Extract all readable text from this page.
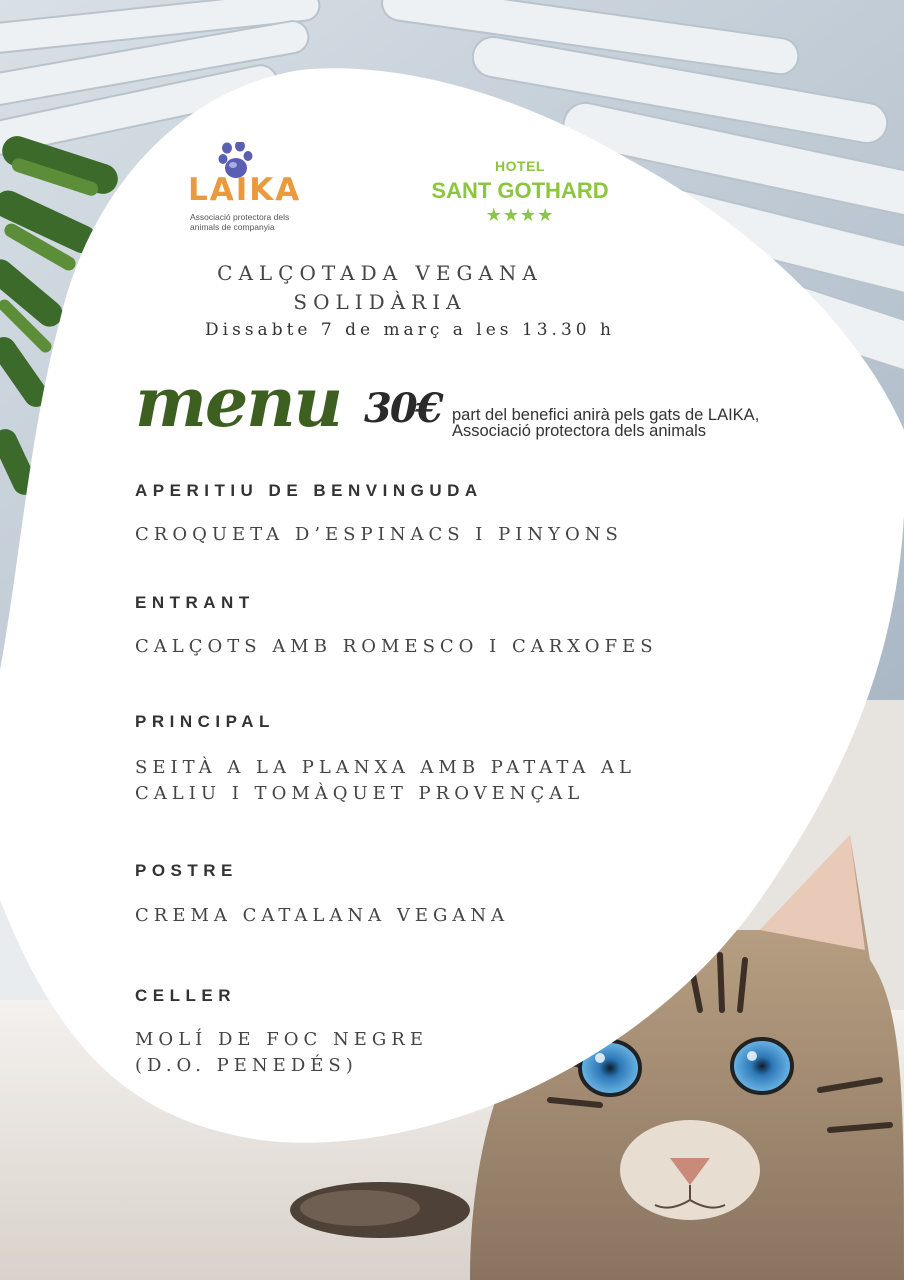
LAIKA
Associació protectora dels
animals de companyia
HOTEL
SANT GOTHARD
★★★★
CALÇOTADA VEGANA
SOLIDÀRIA
Dissabte 7 de març a les 13.30 h
menu 30€ part del benefici anirà pels gats de LAIKA,
Associació protectora dels animals
APERITIU DE BENVINGUDA
CROQUETA D’ESPINACS I PINYONS
ENTRANT
CALÇOTS AMB ROMESCO I CARXOFES
PRINCIPAL
SEITÀ A LA PLANXA AMB PATATA AL
CALIU I TOMÀQUET PROVENÇAL
POSTRE
CREMA CATALANA VEGANA
CELLER
MOLÍ DE FOC NEGRE
(D.O. PENEDÉS)
